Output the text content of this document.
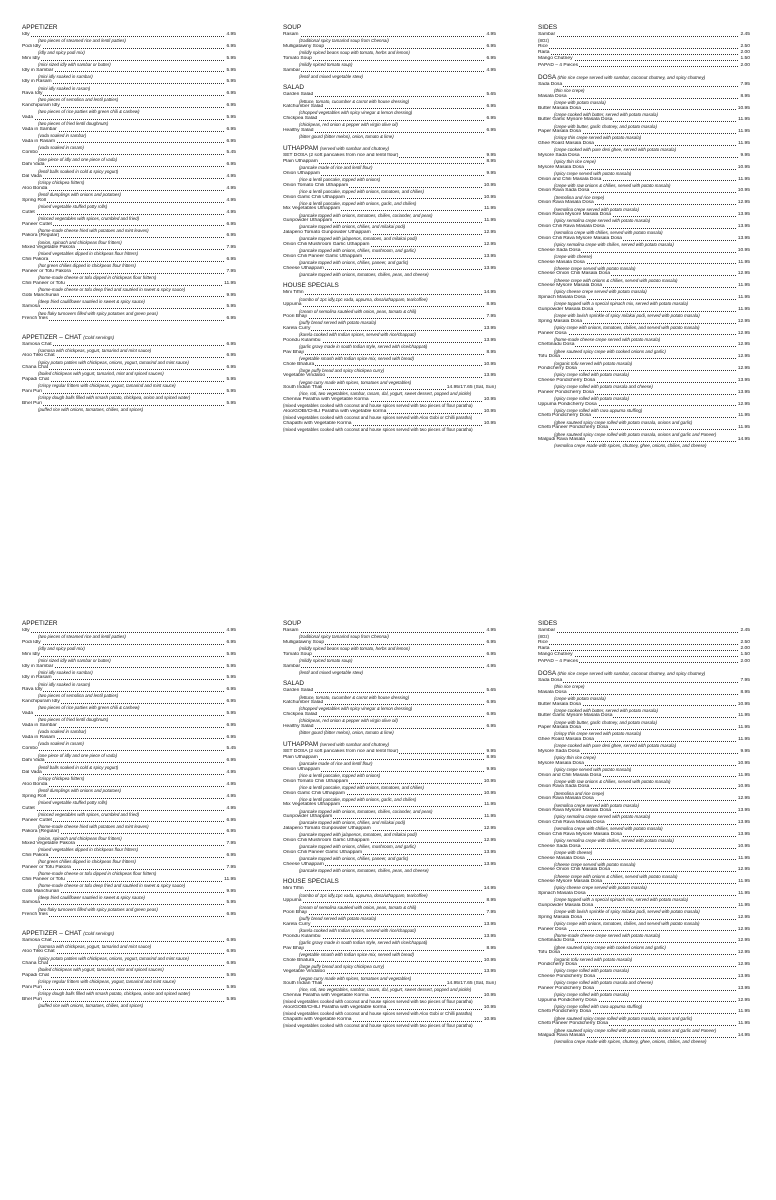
APPETIZER
Idly	4.95
(two pieces of steamed rice and lentil patties)
Podi Idly	6.95
(idly and spicy podi mix)
Mini Idly	5.95
(mini sized idly with sambar or butter)
Idly in Sambar	5.95
(mini idly soaked in sambar)
Idly in Rasam	5.95
(mini idly soaked in rasam)
Rava Idly	6.95
(two pieces of semolina and lentil patties)
Kanchipuram Idly	6.95
(two pieces of rice patties with green chili & cashew)
Vada	5.95
(two pieces of fried lentil doughnuts)
Vada in Sambar	6.95
(vada soaked in sambar)
Vada in Rasam	6.95
(vada soaked in rasam)
Combo	5.45
(one piece of idly and one piece of vada)
Dahi Vada	6.95
(lentil balls soaked in cold & spicy yogurt)
Dal Vada	4.95
(crispy chickpea fritters)
Aloo Bonda	4.95
(lentil dumplings with onions and potatoes)
Spring Roll	4.95
(mixed vegetable stuffed potty rolls)
Cutlet	4.95
(minced vegetables with spices, crumbled and fried)
Paneer Cutlet	6.95
(home-made cheese fried with potatoes and mint leaves)
Pakora (Regular)	6.95
(onion, spinach and chickpeas flour fritters)
Mixed Vegetable Pakora	7.95
(mixed vegetables dipped in chickpeas flour fritters)
Chili Pakora	6.95
(hot green chilies dipped in chickpeas flour fritters)
Paneer or Tofu Pakora	7.95
(home-made cheese or tofu dipped in chickpeas flour fritters)
Chili Paneer or Tofu	11.95
(home-made cheese or tofu deep fried and sautéed in sweet & spicy sauce)
Gobi Manchurian	9.95
(deep fried cauliflower sautéed in sweet & spicy sauce)
Samosa	5.95
(two flaky turnovers filled with spicy potatoes and green peas)
French fries	6.95
APPETIZER – CHAT (Cold servings)
Samosa Chat	6.95
(samosa with chickpeas, yogurt, tamarind and mint sauce)
Aloo Tikki Chat	6.95
(spicy potato patties with chickpeas, onions, yogurt, tamarind and mint sauce)
Chana Chat	6.95
(boiled chickpeas with yogurt, tamarind, mint and spiced sauces)
Papadi Chat	5.95
(crispy regular fritters with chickpeas, yogurt, tamarind and mint sauce)
Pani Puri	5.95
(crispy dough balls filled with smash potato, chickpea, onion and spiced water)
Bhel Puri	5.95
(puffed rice with onions, tomatoes, chilies, and spices)
SOUP
Rasam	4.95
(traditional spicy tamarind soup from Chennai)
Mulligatawny Soup	6.95
(mildly spiced beans soup with tomato, herbs and lemon)
Tomato Soup	6.95
(mildly spiced tomato soup)
Sambar	4.95
(lentil and mixed vegetable stew)
SALAD
Garden Salad	5.65
(lettuce, tomato, cucumber & carrot with house dressing)
Katchumber Salad	6.95
(chopped vegetables with spicy vinegar & lemon dressing)
Chickpea Salad	6.95
(chickpeas, red onion & pepper with virgin olive oil)
Healthy Salad	6.95
(bitter gourd (bitter melon), onion, tomato & lime)
UTHAPPAM (served with sambar and chutney)
SET DOSA (2 soft pancakes from rice and lentil flour)	9.95
Plain Uthappam	8.95
(pancake made of rice and lentil flour)
Onion Uthappam	9.95
(rice & lentil pancake, topped with onions)
Onion Tomato Chili Uthappam	10.95
(rice & lentil pancake, topped with onions, tomatoes, and chilies)
Onion Garlic Chili Uthappam	10.95
(rice & lentil pancake, topped with onions, garlic, and chilies)
Mix Vegetables Uthappam	11.95
(pancake topped with onions, tomatoes, chilies, coriander, and peas)
Gunpowder Uthappam	11.95
(pancake topped with onions, chilies, and milakai podi)
Jalapeno Tomato Gunpowder Uthappam	12.95
(pancake topped with jalapenos, tomatoes, and milakai podi)
Onion Chili Mushroom Garlic Uthappam	12.95
(pancake topped with onions, chilies, mushroom, and garlic)
Onion Chili Paneer Garlic Uthappam	13.95
(pancake topped with onions, chilies, paneer, and garlic)
Cheese Uthappam	13.95
(pancake topped with onions, tomatoes, chilies, peas, and cheese)
HOUSE SPECIALS
Mini Tiffin	14.95
(combo of 1pc idly,1pc vada, uppuma, dosa/uthappam, tea/coffee)
Uppuma	8.95
(cream of semolina sautéed with onion, peas, tomato & chili)
Poori Bhaji	7.95
(puffy bread served with potato masala)
Karela Curry	13.95
(karela cooked with Indian spices, served with rice/chappati)
Poondu Kulambu	13.95
(garlic gravy made in south Indian style, served with rice/chappati)
Pav Bhaji	8.95
(vegetable smash with Indian spice mix, served with bread)
Chole Bhatura	10.95
(large puffy bread and spicy chickpea curry)
Vegetable Vindaloo	13.95
(vegan curry made with spices, tomatoes and vegetables)
South Indian Thali	14.95/17.65 (Sat, Sun)
(rice, roti, two vegetables, sambar, rasam, dal, yogurt, sweet dessert, popped and pickle)
Chennai Paratha with Vegetable Korma	10.95
(mixed vegetables cooked with coconut and house spices served with two pieces of flour paratha)
Aloo/GOBI/CHILI Paratha with vegetable korma	10.95
(mixed vegetables cooked with coconut and house spices served with Aloo Gobi or Chilli paratha)
Chapathi with Vegetable Korma	10.95
(mixed vegetables cooked with coconut and house spices served with two pieces of flour paratha)
SIDES
Sambar	2.45
(8Oz)
Rice	2.50
Raita	2.00
Mango Chutney	1.50
PAPAD – 4 Pieces	2.00
DOSA (thin rice crepe served with sambar, coconut chutney, and spicy chutney)
Sada Dosa	7.95
(thin rice crepe)
Masala Dosa	8.95
(crepe with potato masala)
Butter Masala Dosa	10.95
(crepe cooked with butter, served with potato masala)
Butter Garlic Mysore Masala Dosa	11.95
(crepe with butter, garlic chutney, and potato masala)
Paper Masala Dosa	11.95
(crispy thin crepe served with potato masala)
Ghee Roast Masala Dosa	11.95
(crepe cooked with pure desi ghee, served with potato masala)
Mysore Sada Dosa	9.95
(spicy thin rice crepe)
Mysore Masala Dosa	10.95
(spicy crepe served with potato masala)
Onion and Chili Masala Dosa	11.95
(crepe with raw onions & chilies, served with potato masala)
Onion Rava Sada Dosa	10.95
(Semolina and rice crepe)
Onion Rava Masala Dosa	12.95
(semolina crepe served with potato masala)
Onion Rava Mysore Masala Dosa	13.95
(spicy semolina crepe served with potato masala)
Onion Chili Rava Masala Dosa	13.95
(semolina crepe with chilies, served with potato masala)
Onion Chili Rava Mysore Masala Dosa	13.95
(spicy semolina crepe with chilies, served with potato masala)
Cheese Sada Dosa	10.95
(crepe with cheese)
Cheese Masala Dosa	11.95
(cheese crepe served with potato masala)
Cheese Onion Chili Masala Dosa	12.95
(cheese crepe with onions & chilies, served with potato masala)
Cheese Mysore Masala Dosa	11.95
(spicy cheese crepe served with potato masala)
Spinach Masala Dosa	11.95
(crepe topped with a special spinach mix, served with potato masala)
Gunpowder Masala Dosa	11.95
(crepe with lavish sprinkle of spicy milakai podi, served with potato masala)
Spring Masala Dosa	12.95
(spicy crepe with onions, tomatoes, chilies, and served with potato masala)
Paneer Dosa	12.95
(home-made cheese crepe served with potato masala)
Chettinadu Dosa	12.95
(ghee sauteed spicy crepe with cooked onions and garlic)
Tofu Dosa	12.95
(organic tofu served with potato masala)
Pondicherry Dosa	12.95
(spicy crepe rolled with potato masala)
Cheese Pondicherry Dosa	13.95
(spicy crepe rolled with potato masala and cheese)
Paneer Pondicherry Dosa	13.95
(spicy crepe rolled with potato masala)
Uppuma Pondicherry Dosa	12.95
(spicy crepe rolled with rava uppuma stuffing)
Chetti Pondicherry Dosa	11.95
(ghee sauteed spicy crepe rolled with potato masala, onions and garlic)
Chetti Paneer Pondicherry Dosa	11.95
(ghee sauteed spicy crepe rolled with potato masala, onions and garlic and Paneer)
Malgudi Rava Masala	14.95
(semolina crepe made with spices, chutney, ghee, onions, chilies, and cheese)
APPETIZER
Idly	4.95
(two pieces of steamed rice and lentil patties)
Podi Idly	6.95
(idly and spicy podi mix)
Mini Idly	5.95
(mini sized idly with sambar or butter)
Idly in Sambar	5.95
(mini idly soaked in sambar)
Idly in Rasam	5.95
(mini idly soaked in rasam)
Rava Idly	6.95
(two pieces of semolina and lentil patties)
Kanchipuram Idly	6.95
(two pieces of rice patties with green chili & cashew)
Vada	5.95
(two pieces of fried lentil doughnuts)
Vada in Sambar	6.95
(vada soaked in sambar)
Vada in Rasam	6.95
(vada soaked in rasam)
Combo	5.45
(one piece of idly and one piece of vada)
Dahi Vada	6.95
(lentil balls soaked in cold & spicy yogurt)
Dal Vada	4.95
(crispy chickpea fritters)
Aloo Bonda	4.95
(lentil dumplings with onions and potatoes)
Spring Roll	4.95
(mixed vegetable stuffed potty rolls)
Cutlet	4.95
(minced vegetables with spices, crumbled and fried)
Paneer Cutlet	6.95
(home-made cheese fried with potatoes and mint leaves)
Pakora (Regular)	6.95
(onion, spinach and chickpeas flour fritters)
Mixed Vegetable Pakora	7.95
(mixed vegetables dipped in chickpeas flour fritters)
Chili Pakora	6.95
(hot green chilies dipped in chickpeas flour fritters)
Paneer or Tofu Pakora	7.95
(home-made cheese or tofu dipped in chickpeas flour fritters)
Chili Paneer or Tofu	11.95
(home-made cheese or tofu deep fried and sautéed in sweet & spicy sauce)
Gobi Manchurian	9.95
(deep fried cauliflower sautéed in sweet & spicy sauce)
Samosa	5.95
(two flaky turnovers filled with spicy potatoes and green peas)
French fries	6.95
APPETIZER – CHAT (Cold servings)
Samosa Chat	6.95
(samosa with chickpeas, yogurt, tamarind and mint sauce)
Aloo Tikki Chat	6.95
(spicy potato patties with chickpeas, onions, yogurt, tamarind and mint sauce)
Chana Chat	6.95
(boiled chickpeas with yogurt, tamarind, mint and spiced sauces)
Papadi Chat	5.95
(crispy regular fritters with chickpeas, yogurt, tamarind and mint sauce)
Pani Puri	5.95
(crispy dough balls filled with smash potato, chickpea, onion and spiced water)
Bhel Puri	5.95
(puffed rice with onions, tomatoes, chilies, and spices)
SOUP
Rasam	4.95
(traditional spicy tamarind soup from Chennai)
Mulligatawny Soup	6.95
(mildly spiced beans soup with tomato, herbs and lemon)
Tomato Soup	6.95
(mildly spiced tomato soup)
Sambar	4.95
(lentil and mixed vegetable stew)
SALAD
Garden Salad	5.65
(lettuce, tomato, cucumber & carrot with house dressing)
Katchumber Salad	6.95
(chopped vegetables with spicy vinegar & lemon dressing)
Chickpea Salad	6.95
(chickpeas, red onion & pepper with virgin olive oil)
Healthy Salad	6.95
(bitter gourd (bitter melon), onion, tomato & lime)
UTHAPPAM (served with sambar and chutney)
SET DOSA (2 soft pancakes from rice and lentil flour)	9.95
Plain Uthappam	8.95
(pancake made of rice and lentil flour)
Onion Uthappam	9.95
(rice & lentil pancake, topped with onions)
Onion Tomato Chili Uthappam	10.95
(rice & lentil pancake, topped with onions, tomatoes, and chilies)
Onion Garlic Chili Uthappam	10.95
(rice & lentil pancake, topped with onions, garlic, and chilies)
Mix Vegetables Uthappam	11.95
(pancake topped with onions, tomatoes, chilies, coriander, and peas)
Gunpowder Uthappam	11.95
(pancake topped with onions, chilies, and milakai podi)
Jalapeno Tomato Gunpowder Uthappam	12.95
(pancake topped with jalapenos, tomatoes, and milakai podi)
Onion Chili Mushroom Garlic Uthappam	12.95
(pancake topped with onions, chilies, mushroom, and garlic)
Onion Chili Paneer Garlic Uthappam	13.95
(pancake topped with onions, chilies, paneer, and garlic)
Cheese Uthappam	13.95
(pancake topped with onions, tomatoes, chilies, peas, and cheese)
HOUSE SPECIALS
Mini Tiffin	14.95
(combo of 1pc idly,1pc vada, uppuma, dosa/uthappam, tea/coffee)
Uppuma	8.95
(cream of semolina sautéed with onion, peas, tomato & chili)
Poori Bhaji	7.95
(puffy bread served with potato masala)
Karela Curry	13.95
(karela cooked with Indian spices, served with rice/chappati)
Poondu Kulambu	13.95
(garlic gravy made in south Indian style, served with rice/chappati)
Pav Bhaji	8.95
(vegetable smash with Indian spice mix, served with bread)
Chole Bhatura	10.95
(large puffy bread and spicy chickpea curry)
Vegetable Vindaloo	13.95
(vegan curry made with spices, tomatoes and vegetables)
South Indian Thali	14.95/17.65 (Sat, Sun)
(rice, roti, two vegetables, sambar, rasam, dal, yogurt, sweet dessert, popped and pickle)
Chennai Paratha with Vegetable Korma	10.95
(mixed vegetables cooked with coconut and house spices served with two pieces of flour paratha)
Aloo/GOBI/CHILI Paratha with vegetable korma	10.95
(mixed vegetables cooked with coconut and house spices served with Aloo Gobi or Chilli paratha)
Chapathi with Vegetable Korma	10.95
(mixed vegetables cooked with coconut and house spices served with two pieces of flour paratha)
SIDES
Sambar	2.45
(8Oz)
Rice	2.50
Raita	2.00
Mango Chutney	1.50
PAPAD – 4 Pieces	2.00
DOSA (thin rice crepe served with sambar, coconut chutney, and spicy chutney)
Sada Dosa	7.95
(thin rice crepe)
Masala Dosa	8.95
(crepe with potato masala)
Butter Masala Dosa	10.95
(crepe cooked with butter, served with potato masala)
Butter Garlic Mysore Masala Dosa	11.95
(crepe with butter, garlic chutney, and potato masala)
Paper Masala Dosa	11.95
(crispy thin crepe served with potato masala)
Ghee Roast Masala Dosa	11.95
(crepe cooked with pure desi ghee, served with potato masala)
Mysore Sada Dosa	9.95
(spicy thin rice crepe)
Mysore Masala Dosa	10.95
(spicy crepe served with potato masala)
Onion and Chili Masala Dosa	11.95
(crepe with raw onions & chilies, served with potato masala)
Onion Rava Sada Dosa	10.95
(Semolina and rice crepe)
Onion Rava Masala Dosa	12.95
(semolina crepe served with potato masala)
Onion Rava Mysore Masala Dosa	13.95
(spicy semolina crepe served with potato masala)
Onion Chili Rava Masala Dosa	13.95
(semolina crepe with chilies, served with potato masala)
Onion Chili Rava Mysore Masala Dosa	13.95
(spicy semolina crepe with chilies, served with potato masala)
Cheese Sada Dosa	10.95
(crepe with cheese)
Cheese Masala Dosa	11.95
(cheese crepe served with potato masala)
Cheese Onion Chili Masala Dosa	12.95
(cheese crepe with onions & chilies, served with potato masala)
Cheese Mysore Masala Dosa	11.95
(spicy cheese crepe served with potato masala)
Spinach Masala Dosa	11.95
(crepe topped with a special spinach mix, served with potato masala)
Gunpowder Masala Dosa	11.95
(crepe with lavish sprinkle of spicy milakai podi, served with potato masala)
Spring Masala Dosa	12.95
(spicy crepe with onions, tomatoes, chilies, and served with potato masala)
Paneer Dosa	12.95
(home-made cheese crepe served with potato masala)
Chettinadu Dosa	12.95
(ghee sauteed spicy crepe with cooked onions and garlic)
Tofu Dosa	12.95
(organic tofu served with potato masala)
Pondicherry Dosa	12.95
(spicy crepe rolled with potato masala)
Cheese Pondicherry Dosa	13.95
(spicy crepe rolled with potato masala and cheese)
Paneer Pondicherry Dosa	13.95
(spicy crepe rolled with potato masala)
Uppuma Pondicherry Dosa	12.95
(spicy crepe rolled with rava uppuma stuffing)
Chetti Pondicherry Dosa	11.95
(ghee sauteed spicy crepe rolled with potato masala, onions and garlic)
Chetti Paneer Pondicherry Dosa	11.95
(ghee sauteed spicy crepe rolled with potato masala, onions and garlic and Paneer)
Malgudi Rava Masala	14.95
(semolina crepe made with spices, chutney, ghee, onions, chilies, and cheese)
